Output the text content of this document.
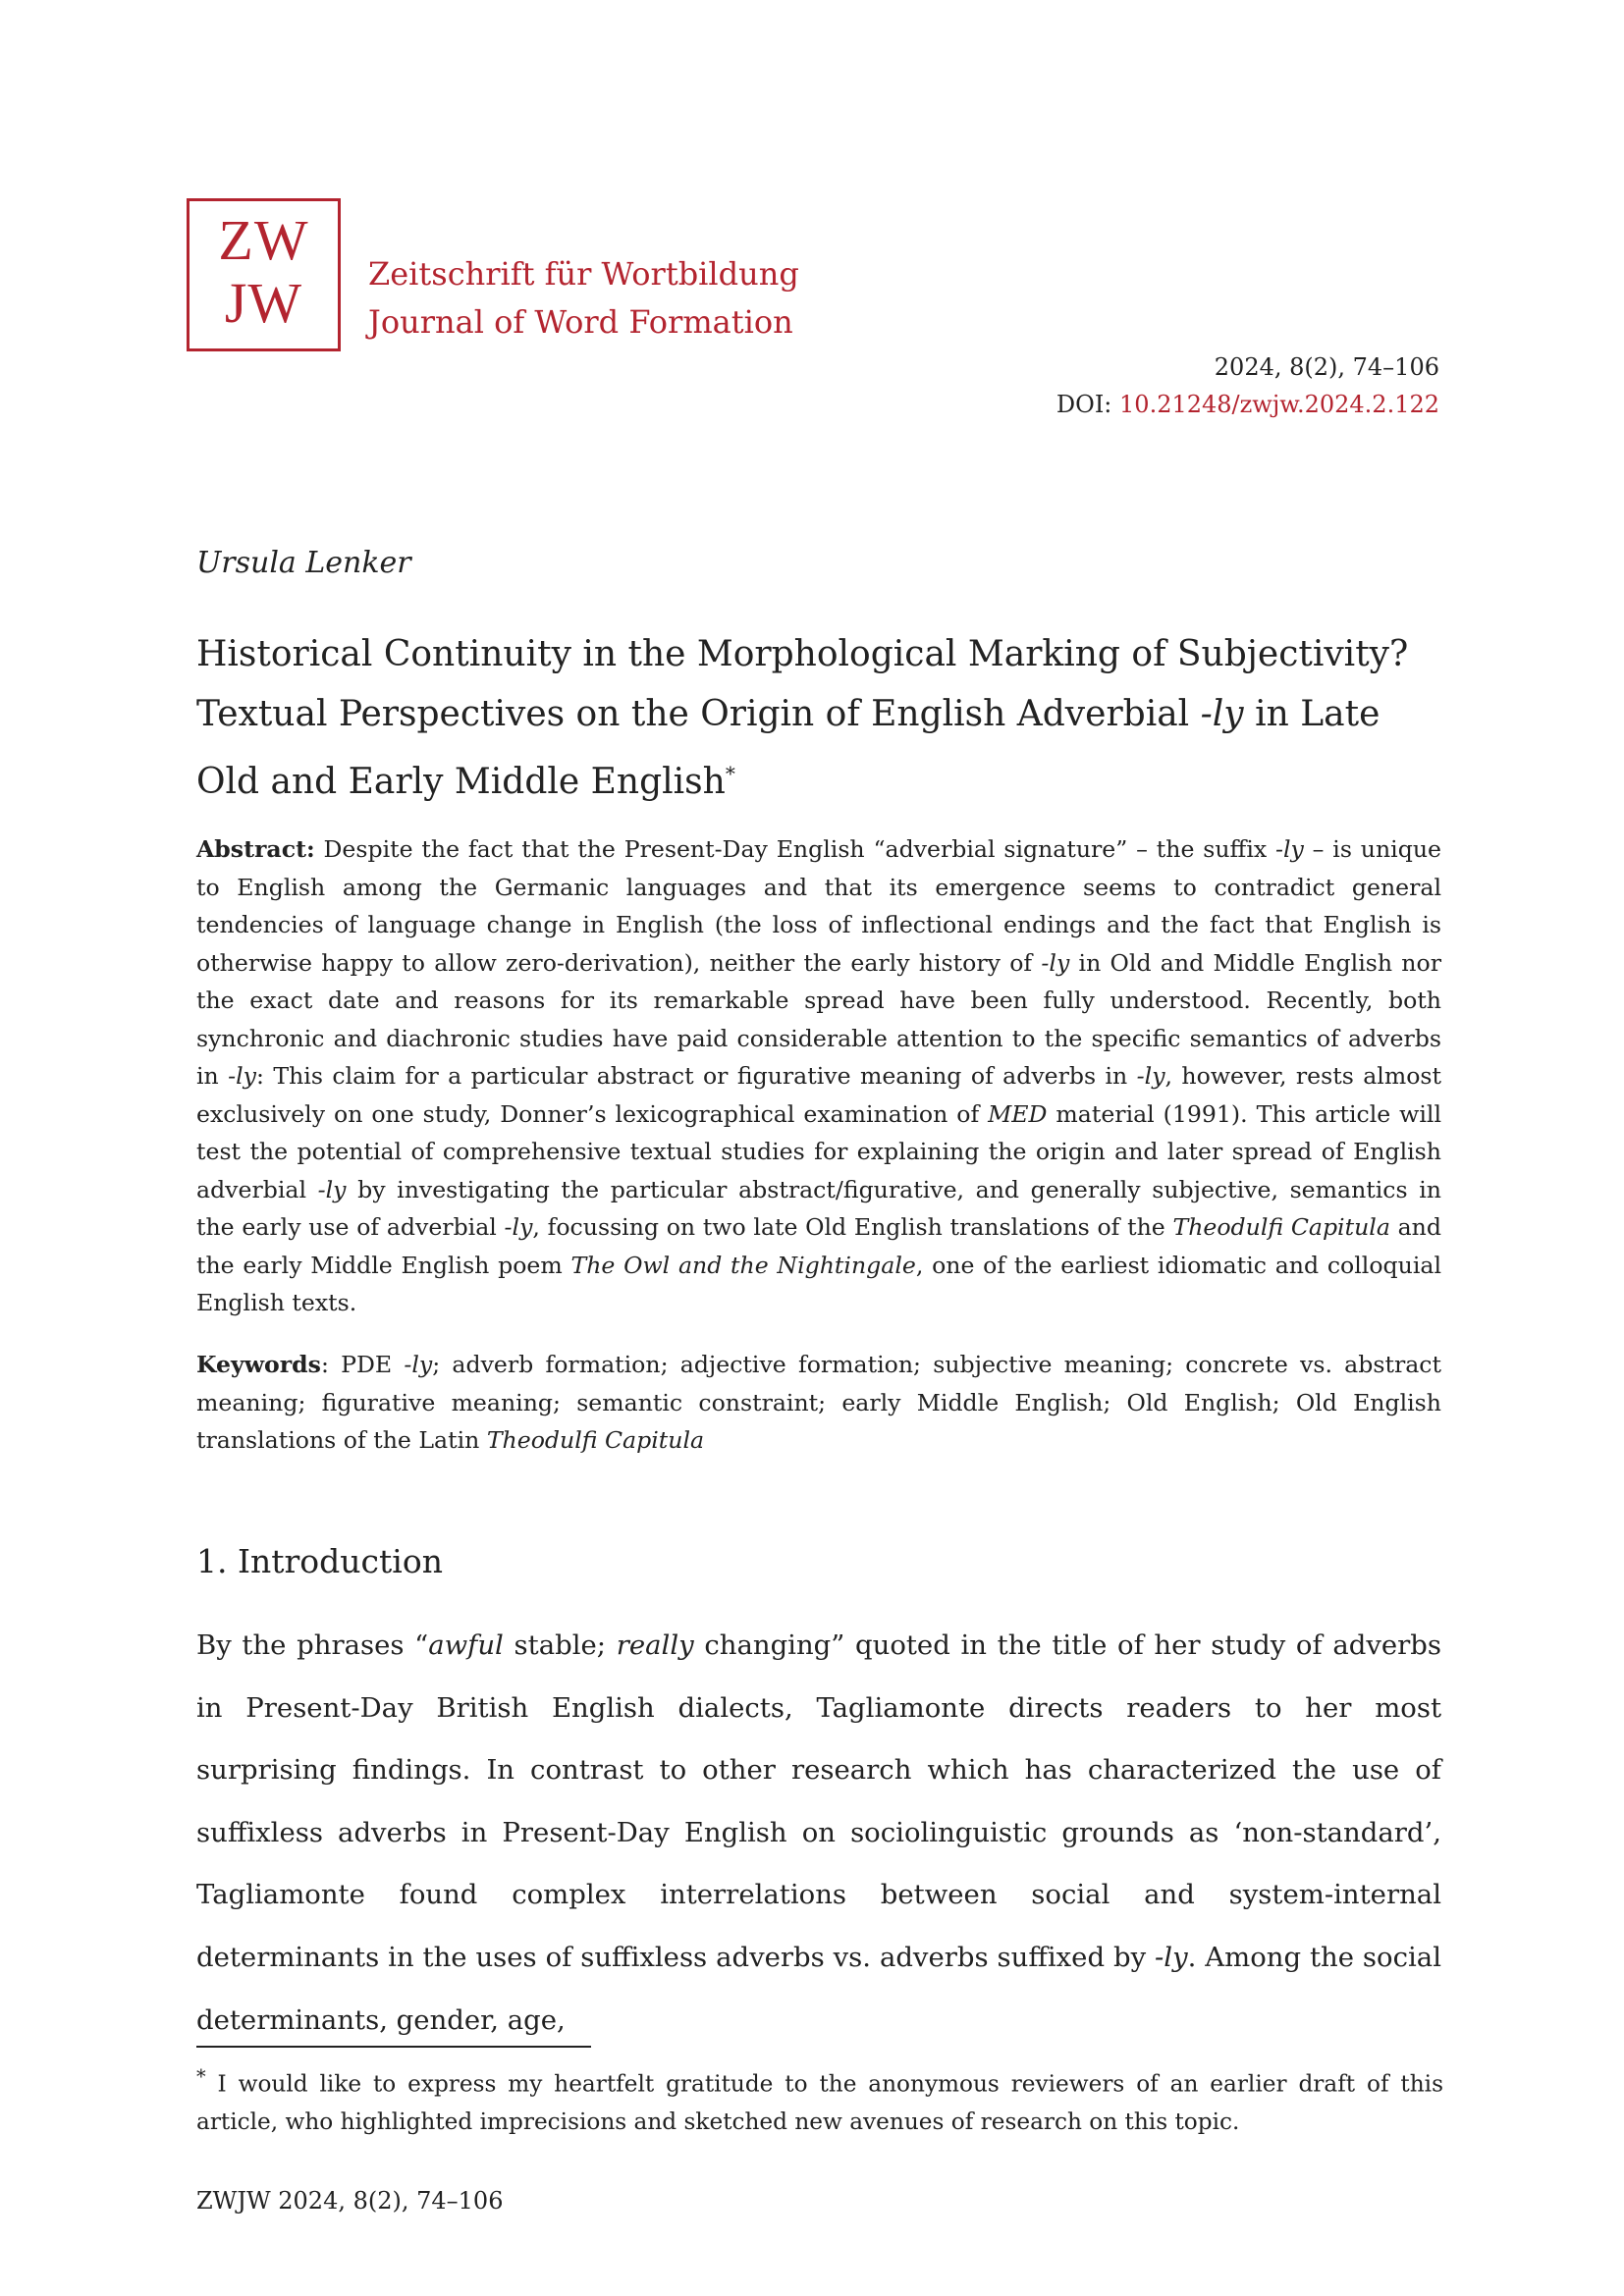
ZW
JW	Zeitschrift für Wortbildung
Journal of Word Formation
2024, 8(2), 74–106
DOI: 10.21248/zwjw.2024.2.122
Ursula Lenker
Historical Continuity in the Morphological Marking of Subjectivity? Textual Perspectives on the Origin of English Adverbial -ly in Late Old and Early Middle English*

Abstract: Despite the fact that the Present-Day English “adverbial signature” – the suffix -ly – is unique to English among the Germanic languages and that its emergence seems to contradict general tendencies of language change in English (the loss of inflectional endings and the fact that English is otherwise happy to allow zero-derivation), neither the early history of -ly in Old and Middle English nor the exact date and reasons for its remarkable spread have been fully understood. Recently, both synchronic and diachronic studies have paid considerable attention to the specific semantics of adverbs in -ly: This claim for a particular abstract or figurative meaning of adverbs in -ly, however, rests almost exclusively on one study, Donner’s lexicographical examination of MED material (1991). This article will test the potential of comprehensive textual studies for explaining the origin and later spread of English adverbial -ly by investigating the particular abstract/figurative, and generally subjective, semantics in the early use of adverbial -ly, focussing on two late Old English translations of the Theodulfi Capitula and the early Middle English poem The Owl and the Nightingale, one of the earliest idiomatic and colloquial English texts.

Keywords: PDE -ly; adverb formation; adjective formation; subjective meaning; concrete vs. abstract meaning; figurative meaning; semantic constraint; early Middle English; Old English; Old English translations of the Latin Theodulfi Capitula

1. Introduction

By the phrases “awful stable; really changing” quoted in the title of her study of adverbs in Present-Day British English dialects, Tagliamonte directs readers to her most surprising findings. In contrast to other research which has characterized the use of suffixless adverbs in Present-Day English on sociolinguistic grounds as ‘non-standard’, Tagliamonte found complex interrelations between social and system-internal determinants in the uses of suffixless adverbs vs. adverbs suffixed by -ly. Among the social determinants, gender, age,

* I would like to express my heartfelt gratitude to the anonymous reviewers of an earlier draft of this article, who highlighted imprecisions and sketched new avenues of research on this topic.

ZWJW 2024, 8(2), 74–106
